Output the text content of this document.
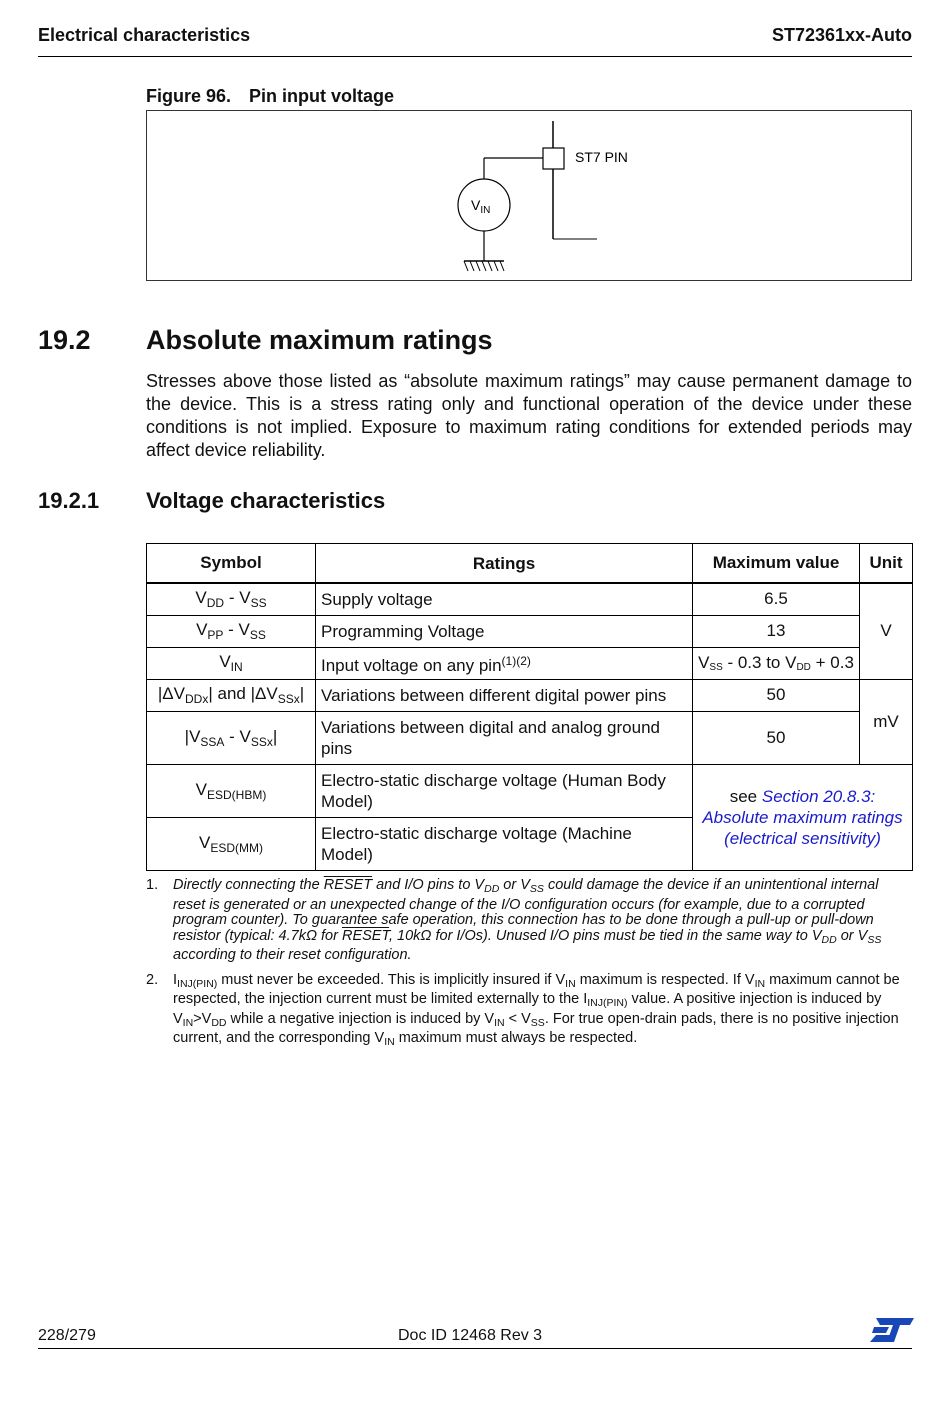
Electrical characteristics	ST72361xx-Auto
Figure 96. Pin input voltage
ST7 PIN
$V_{IN}$
19.2 Absolute maximum ratings
Stresses above those listed as “absolute maximum ratings” may cause permanent damage to the device. This is a stress rating only and functional operation of the device under these conditions is not implied. Exposure to maximum rating conditions for extended periods may affect device reliability.
19.2.1 Voltage characteristics
Symbol	Ratings	Maximum value	Unit
$V_{DD} - V_{SS}$	Supply voltage	6.5	V
$V_{PP} - V_{SS}$	Programming Voltage	13	
$V_{IN}$	Input voltage on any pin$^{(1)(2)}$	VSS - 0.3 to VDD + 0.3	
$|\Delta V_{DDx}|$ and $|\Delta V_{SSx}|$	Variations between different digital power pins	50	mV
$|V_{SSA} - V_{SSx}|$	Variations between digital and analog ground pins	50	
$V_{ESD(HBM)}$	Electro-static discharge voltage (Human Body Model)	see Section 20.8.3: Absolute maximum ratings (electrical sensitivity)	
$V_{ESD(MM)}$	Electro-static discharge voltage (Machine Model)		
1. Directly connecting the RESET and I/O pins to $V_{DD}$ or $V_{SS}$ could damage the device if an unintentional internal reset is generated or an unexpected change of the I/O configuration occurs (for example, due to a corrupted program counter). To guarantee safe operation, this connection has to be done through a pull-up or pull-down resistor (typical: 4.7kΩ for RESET, 10kΩ for I/Os). Unused I/O pins must be tied in the same way to $V_{DD}$ or $V_{SS}$ according to their reset configuration.
2. $I_{INJ(PIN)}$ must never be exceeded. This is implicitly insured if $V_{IN}$ maximum is respected. If $V_{IN}$ maximum cannot be respected, the injection current must be limited externally to the $I_{INJ(PIN)}$ value. A positive injection is induced by $V_{IN}>V_{DD}$ while a negative injection is induced by $V_{IN} < V_{SS}$. For true open-drain pads, there is no positive injection current, and the corresponding $V_{IN}$ maximum must always be respected.
228/279	Doc ID 12468 Rev 3
